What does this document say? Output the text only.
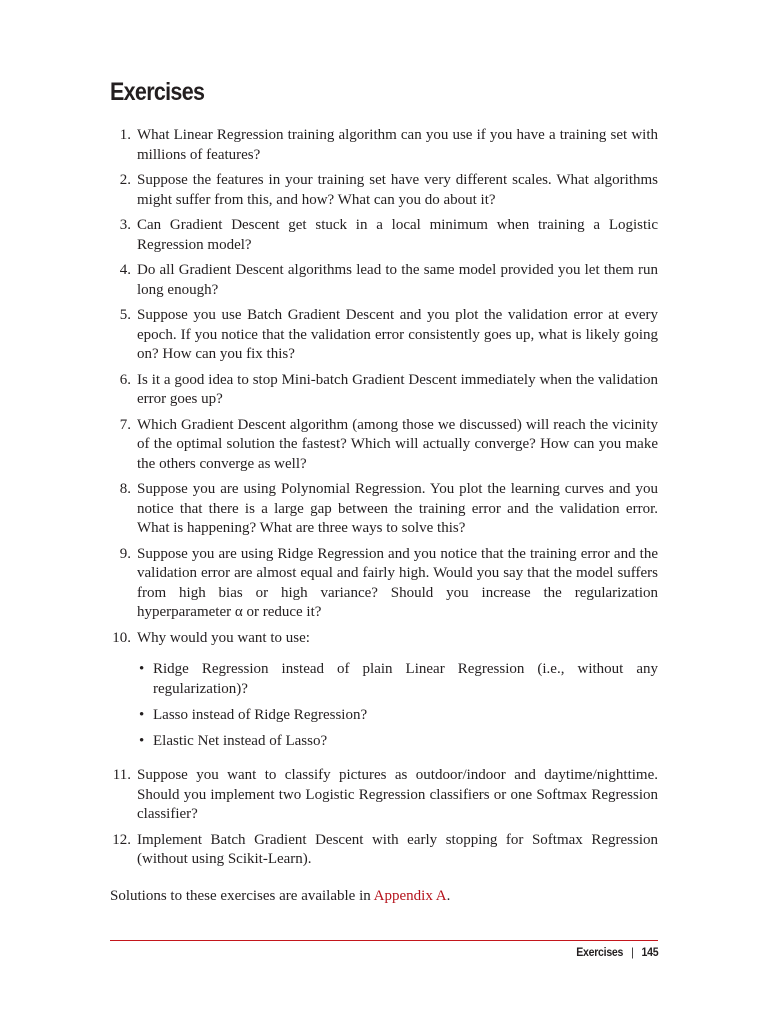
Exercises
1. What Linear Regression training algorithm can you use if you have a training set with millions of features?
2. Suppose the features in your training set have very different scales. What algorithms might suffer from this, and how? What can you do about it?
3. Can Gradient Descent get stuck in a local minimum when training a Logistic Regression model?
4. Do all Gradient Descent algorithms lead to the same model provided you let them run long enough?
5. Suppose you use Batch Gradient Descent and you plot the validation error at every epoch. If you notice that the validation error consistently goes up, what is likely going on? How can you fix this?
6. Is it a good idea to stop Mini-batch Gradient Descent immediately when the validation error goes up?
7. Which Gradient Descent algorithm (among those we discussed) will reach the vicinity of the optimal solution the fastest? Which will actually converge? How can you make the others converge as well?
8. Suppose you are using Polynomial Regression. You plot the learning curves and you notice that there is a large gap between the training error and the validation error. What is happening? What are three ways to solve this?
9. Suppose you are using Ridge Regression and you notice that the training error and the validation error are almost equal and fairly high. Would you say that the model suffers from high bias or high variance? Should you increase the regularization hyperparameter α or reduce it?
10. Why would you want to use:
• Ridge Regression instead of plain Linear Regression (i.e., without any regularization)?
• Lasso instead of Ridge Regression?
• Elastic Net instead of Lasso?
11. Suppose you want to classify pictures as outdoor/indoor and daytime/nighttime. Should you implement two Logistic Regression classifiers or one Softmax Regression classifier?
12. Implement Batch Gradient Descent with early stopping for Softmax Regression (without using Scikit-Learn).

Solutions to these exercises are available in Appendix A.

Exercises | 145
